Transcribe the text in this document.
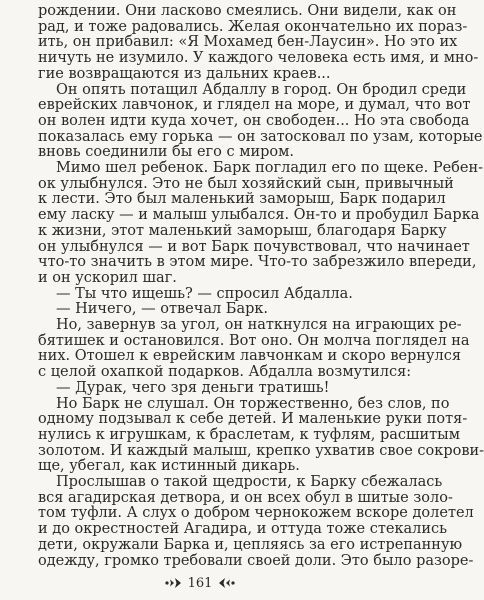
рождении. Они ласково смеялись. Они видели, как он
рад, и тоже радовались. Желая окончательно их пораз-
ить, он прибавил: «Я Мохамед бен-Лаусин». Но это их
ничуть не изумило. У каждого человека есть имя, и мно-
гие возвращаются из дальних краев...
Он опять потащил Абдаллу в город. Он бродил среди
еврейских лавчонок, и глядел на море, и думал, что вот
он волен идти куда хочет, он свободен... Но эта свобода
показалась ему горька — он затосковал по узам, которые
вновь соединили бы его с миром.
Мимо шел ребенок. Барк погладил его по щеке. Ребен-
ок улыбнулся. Это не был хозяйский сын, привычный
к лести. Это был маленький заморыш, Барк подарил
ему ласку — и малыш улыбался. Он-то и пробудил Барка
к жизни, этот маленький заморыш, благодаря Барку
он улыбнулся — и вот Барк почувствовал, что начинает
что-то значить в этом мире. Что-то забрезжило впереди,
и он ускорил шаг.
— Ты что ищешь? — спросил Абдалла.
— Ничего, — отвечал Барк.
Но, завернув за угол, он наткнулся на играющих ре-
бятишек и остановился. Вот оно. Он молча поглядел на
них. Отошел к еврейским лавчонкам и скоро вернулся
с целой охапкой подарков. Абдалла возмутился:
— Дурак, чего зря деньги тратишь!
Но Барк не слушал. Он торжественно, без слов, по
одному подзывал к себе детей. И маленькие руки потя-
нулись к игрушкам, к браслетам, к туфлям, расшитым
золотом. И каждый малыш, крепко ухватив свое сокрови-
ще, убегал, как истинный дикарь.
Прослышав о такой щедрости, к Барку сбежалась
вся агадирская детвора, и он всех обул в шитые золо-
том туфли. А слух о добром чернокожем вскоре долетел
и до окрестностей Агадира, и оттуда тоже стекались
дети, окружали Барка и, цепляясь за его истрепанную
одежду, громко требовали своей доли. Это было разоре-
161
